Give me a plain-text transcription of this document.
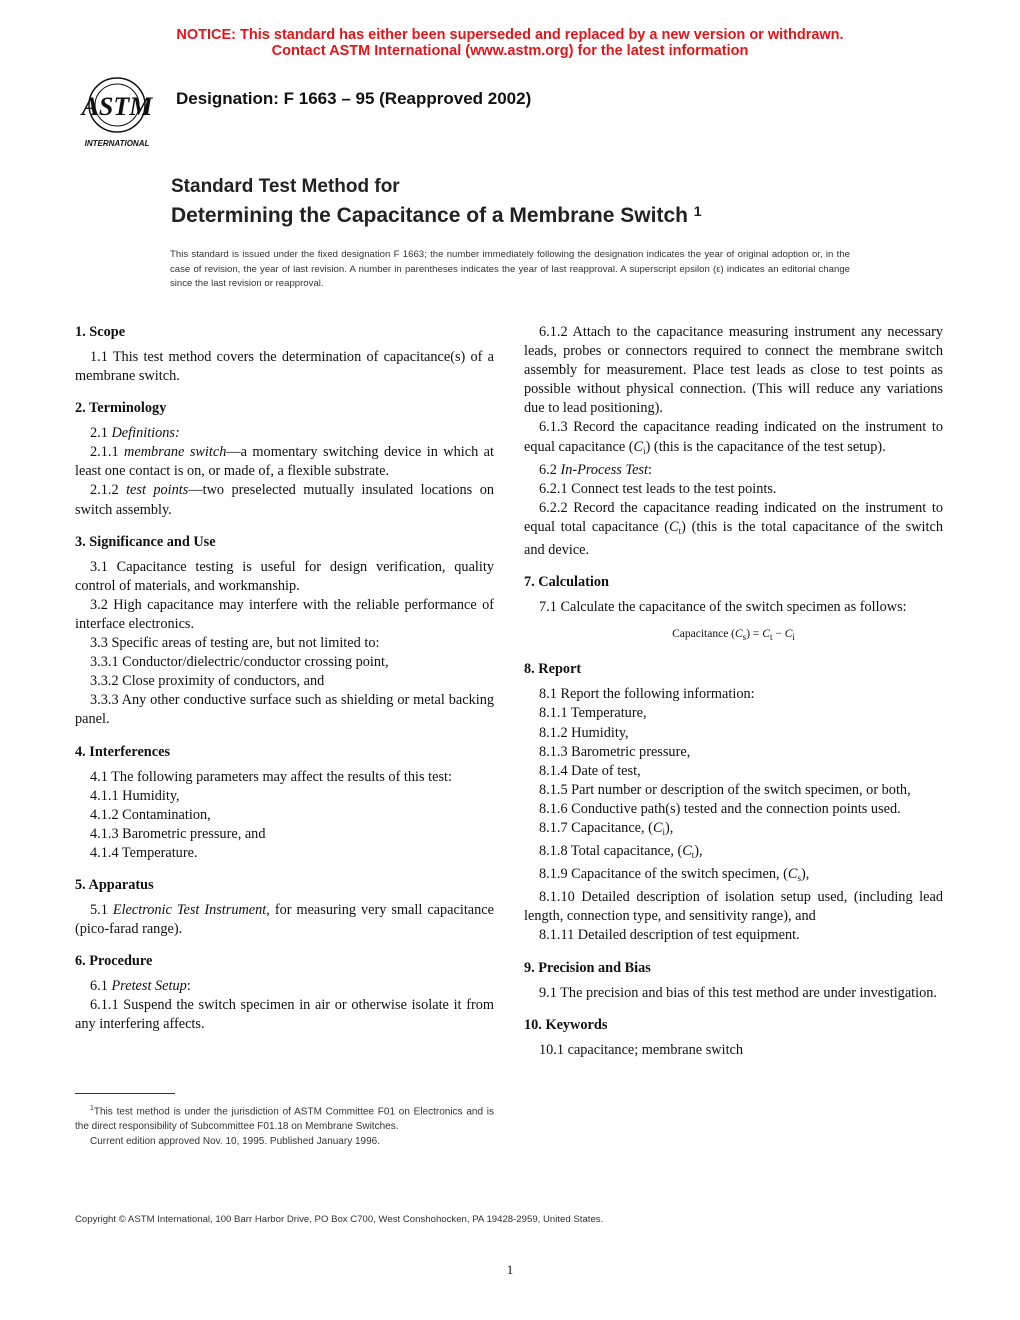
NOTICE: This standard has either been superseded and replaced by a new version or withdrawn.
Contact ASTM International (www.astm.org) for the latest information
ASTM
INTERNATIONAL
Designation: F 1663 – 95 (Reapproved 2002)
Standard Test Method for
Determining the Capacitance of a Membrane Switch $^1$
This standard is issued under the fixed designation F 1663; the number immediately following the designation indicates the year of original adoption or, in the case of revision, the year of last revision. A number in parentheses indicates the year of last reapproval. A superscript epsilon (ε) indicates an editorial change since the last revision or reapproval.
1. Scope

1.1 This test method covers the determination of capacitance(s) of a membrane switch.

2. Terminology

2.1 Definitions:

2.1.1 membrane switch—a momentary switching device in which at least one contact is on, or made of, a flexible substrate.

2.1.2 test points—two preselected mutually insulated locations on switch assembly.

3. Significance and Use

3.1 Capacitance testing is useful for design verification, quality control of materials, and workmanship.

3.2 High capacitance may interfere with the reliable performance of interface electronics.

3.3 Specific areas of testing are, but not limited to:

3.3.1 Conductor/dielectric/conductor crossing point,

3.3.2 Close proximity of conductors, and

3.3.3 Any other conductive surface such as shielding or metal backing panel.

4. Interferences

4.1 The following parameters may affect the results of this test:

4.1.1 Humidity,

4.1.2 Contamination,

4.1.3 Barometric pressure, and

4.1.4 Temperature.

5. Apparatus

5.1 Electronic Test Instrument, for measuring very small capacitance (pico-farad range).

6. Procedure

6.1 Pretest Setup:

6.1.1 Suspend the switch specimen in air or otherwise isolate it from any interfering affects.

6.1.2 Attach to the capacitance measuring instrument any necessary leads, probes or connectors required to connect the membrane switch assembly for measurement. Place test leads as close to test points as possible without physical connection. (This will reduce any variations due to lead positioning).

6.1.3 Record the capacitance reading indicated on the instrument to equal capacitance $(C_i)$ (this is the capacitance of the test setup).

6.2 In-Process Test:

6.2.1 Connect test leads to the test points.

6.2.2 Record the capacitance reading indicated on the instrument to equal total capacitance $(C_t)$ (this is the total capacitance of the switch and device.

7. Calculation

7.1 Calculate the capacitance of the switch specimen as follows:

Capacitance $(C_s) = C_t - C_i$

8. Report

8.1 Report the following information:

8.1.1 Temperature,

8.1.2 Humidity,

8.1.3 Barometric pressure,

8.1.4 Date of test,

8.1.5 Part number or description of the switch specimen, or both,

8.1.6 Conductive path(s) tested and the connection points used.

8.1.7 Capacitance, $(C_i)$,

8.1.8 Total capacitance, $(C_t)$,

8.1.9 Capacitance of the switch specimen, $(C_s)$,

8.1.10 Detailed description of isolation setup used, (including lead length, connection type, and sensitivity range), and

8.1.11 Detailed description of test equipment.

9. Precision and Bias

9.1 The precision and bias of this test method are under investigation.

10. Keywords

10.1 capacitance; membrane switch

$^1$This test method is under the jurisdiction of ASTM Committee F01 on Electronics and is the direct responsibility of Subcommittee F01.18 on Membrane Switches.

Current edition approved Nov. 10, 1995. Published January 1996.

Copyright © ASTM International, 100 Barr Harbor Drive, PO Box C700, West Conshohocken, PA 19428-2959, United States.
1
